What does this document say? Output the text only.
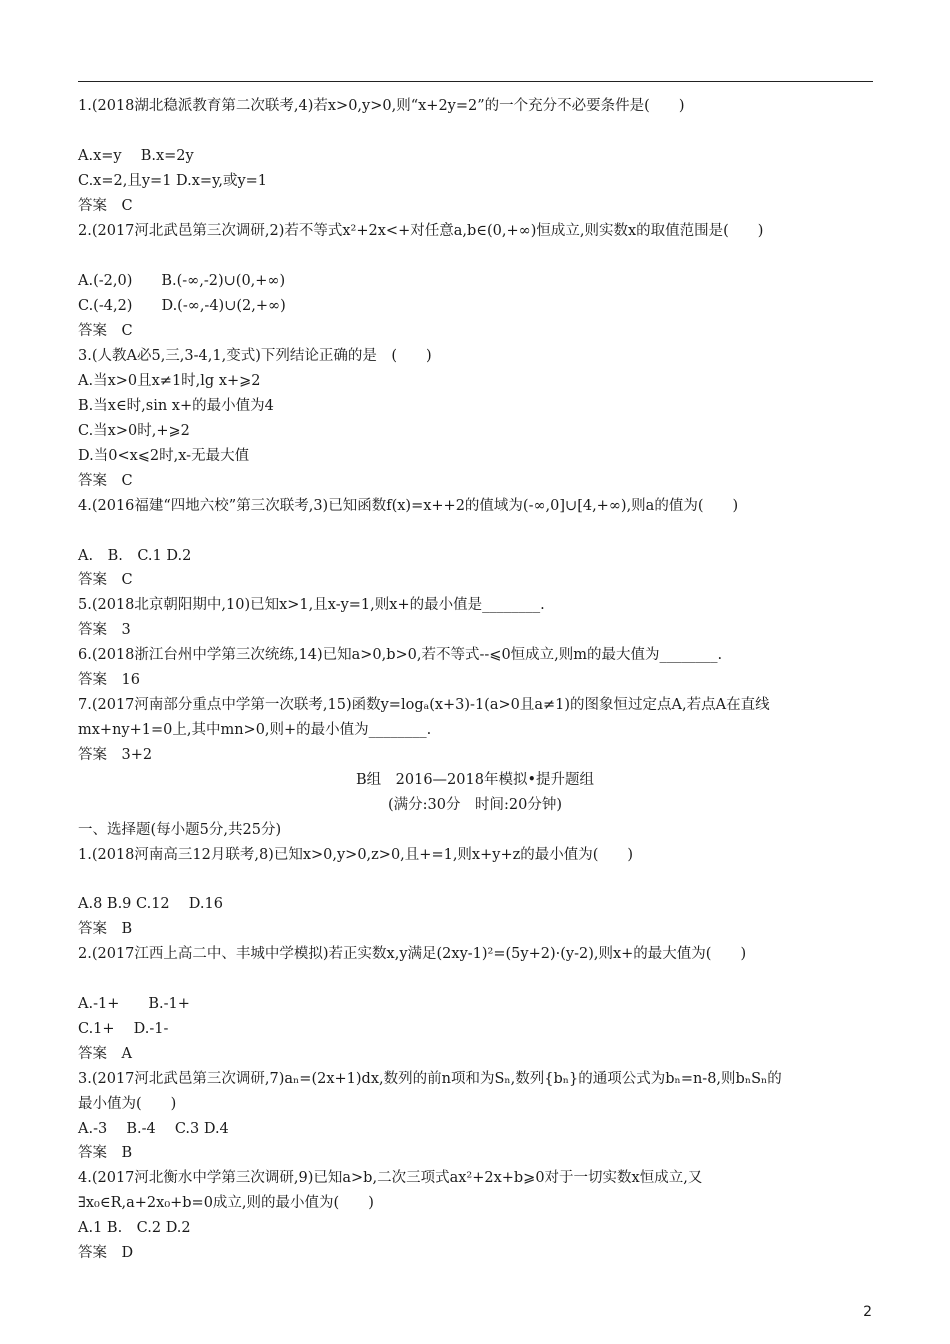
1.(2018湖北稳派教育第二次联考,4)若x>0,y>0,则“x+2y=2”的一个充分不必要条件是(　　)
A.x=y　 B.x=2y
C.x=2,且y=1 D.x=y,或y=1
答案　C
2.(2017河北武邑第三次调研,2)若不等式x²+2x<+对任意a,b∈(0,+∞)恒成立,则实数x的取值范围是(　　)
A.(-2,0)　　B.(-∞,-2)∪(0,+∞)
C.(-4,2)　　D.(-∞,-4)∪(2,+∞)
答案　C
3.(人教A必5,三,3-4,1,变式)下列结论正确的是　(　　)
A.当x>0且x≠1时,lg x+⩾2
B.当x∈时,sin x+的最小值为4
C.当x>0时,+⩾2
D.当0<x⩽2时,x-无最大值
答案　C
4.(2016福建“四地六校”第三次联考,3)已知函数f(x)=x++2的值域为(-∞,0]∪[4,+∞),则a的值为(　　)
A.　B.　C.1 D.2
答案　C
5.(2018北京朝阳期中,10)已知x>1,且x-y=1,则x+的最小值是________.
答案　3
6.(2018浙江台州中学第三次统练,14)已知a>0,b>0,若不等式--⩽0恒成立,则m的最大值为________.
答案　16
7.(2017河南部分重点中学第一次联考,15)函数y=logₐ(x+3)-1(a>0且a≠1)的图象恒过定点A,若点A在直线
mx+ny+1=0上,其中mn>0,则+的最小值为________.
答案　3+2
B组　2016—2018年模拟•提升题组
(满分:30分　时间:20分钟)
一、选择题(每小题5分,共25分)
1.(2018河南高三12月联考,8)已知x>0,y>0,z>0,且+=1,则x+y+z的最小值为(　　)
A.8 B.9 C.12　 D.16
答案　B
2.(2017江西上高二中、丰城中学模拟)若正实数x,y满足(2xy-1)²=(5y+2)·(y-2),则x+的最大值为(　　)
A.-1+　　B.-1+
C.1+　 D.-1-
答案　A
3.(2017河北武邑第三次调研,7)aₙ=(2x+1)dx,数列的前n项和为Sₙ,数列{bₙ}的通项公式为bₙ=n-8,则bₙSₙ的
最小值为(　　)
A.-3　 B.-4　 C.3 D.4
答案　B
4.(2017河北衡水中学第三次调研,9)已知a>b,二次三项式ax²+2x+b⩾0对于一切实数x恒成立,又
∃x₀∈R,a+2x₀+b=0成立,则的最小值为(　　)
A.1 B.　C.2 D.2
答案　D
2
